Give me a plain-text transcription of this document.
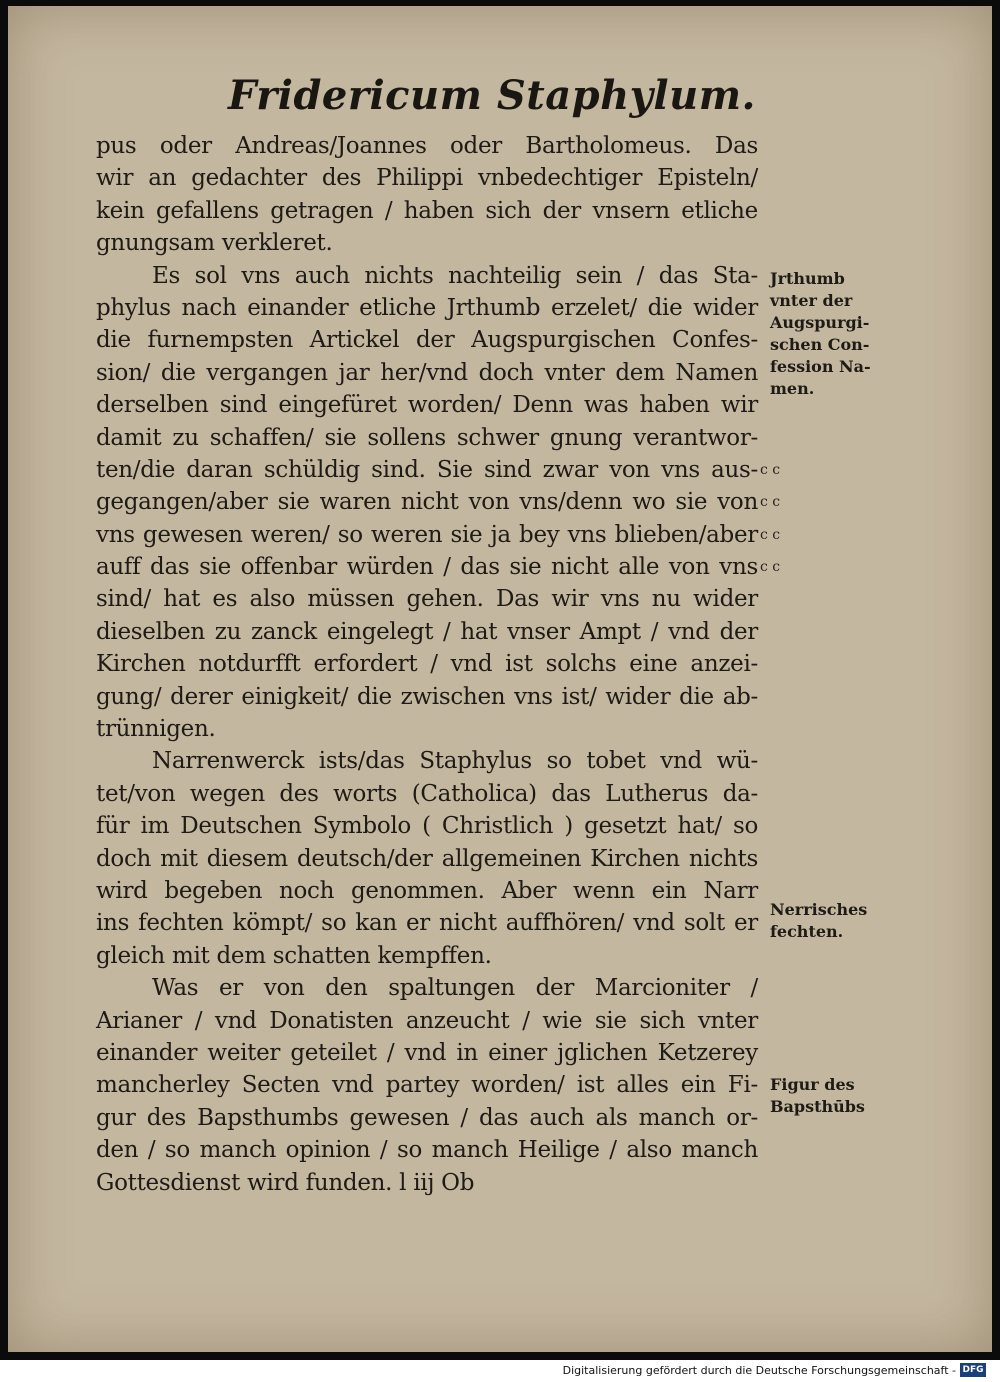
Fridericum Staphylum.
pus oder Andreas/Joannes oder Bartholomeus. Das
wir an gedachter des Philippi vnbedechtiger Episteln/
kein gefallens getragen / haben sich der vnsern etliche
gnungsam verkleret.
Es sol vns auch nichts nachteilig sein / das Sta-
phylus nach einander etliche Jrthumb erzelet/ die wider
die furnempsten Artickel der Augspurgischen Confes-
sion/ die vergangen jar her/vnd doch vnter dem Namen
derselben sind eingefüret worden/ Denn was haben wir
damit zu schaffen/ sie sollens schwer gnung verantwor-
ten/die daran schüldig sind. Sie sind zwar von vns aus-
gegangen/aber sie waren nicht von vns/denn wo sie von
vns gewesen weren/ so weren sie ja bey vns blieben/aber
auff das sie offenbar würden / das sie nicht alle von vns
sind/ hat es also müssen gehen. Das wir vns nu wider
dieselben zu zanck eingelegt / hat vnser Ampt / vnd der
Kirchen notdurfft erfordert / vnd ist solchs eine anzei-
gung/ derer einigkeit/ die zwischen vns ist/ wider die ab-
trünnigen.
Narrenwerck ists/das Staphylus so tobet vnd wü-
tet/von wegen des worts (Catholica) das Lutherus da-
für im Deutschen Symbolo ( Christlich ) gesetzt hat/ so
doch mit diesem deutsch/der allgemeinen Kirchen nichts
wird begeben noch genommen. Aber wenn ein Narr
ins fechten kömpt/ so kan er nicht auffhören/ vnd solt er
gleich mit dem schatten kempffen.
Was er von den spaltungen der Marcioniter /
Arianer / vnd Donatisten anzeucht / wie sie sich vnter
einander weiter geteilet / vnd in einer jglichen Ketzerey
mancherley Secten vnd partey worden/ ist alles ein Fi-
gur des Bapsthumbs gewesen / das auch als manch or-
den / so manch opinion / so manch Heilige / also manch
Gottesdienst wird funden. l iij Ob
Jrthumb
vnter der
Augspurgi-
schen Con-
fession Na-
men.
Nerrisches
fechten.
Figur des
Bapsthūbs
c c
c c
c c
c c
Digitalisierung gefördert durch die Deutsche Forschungsgemeinschaft - DFG
